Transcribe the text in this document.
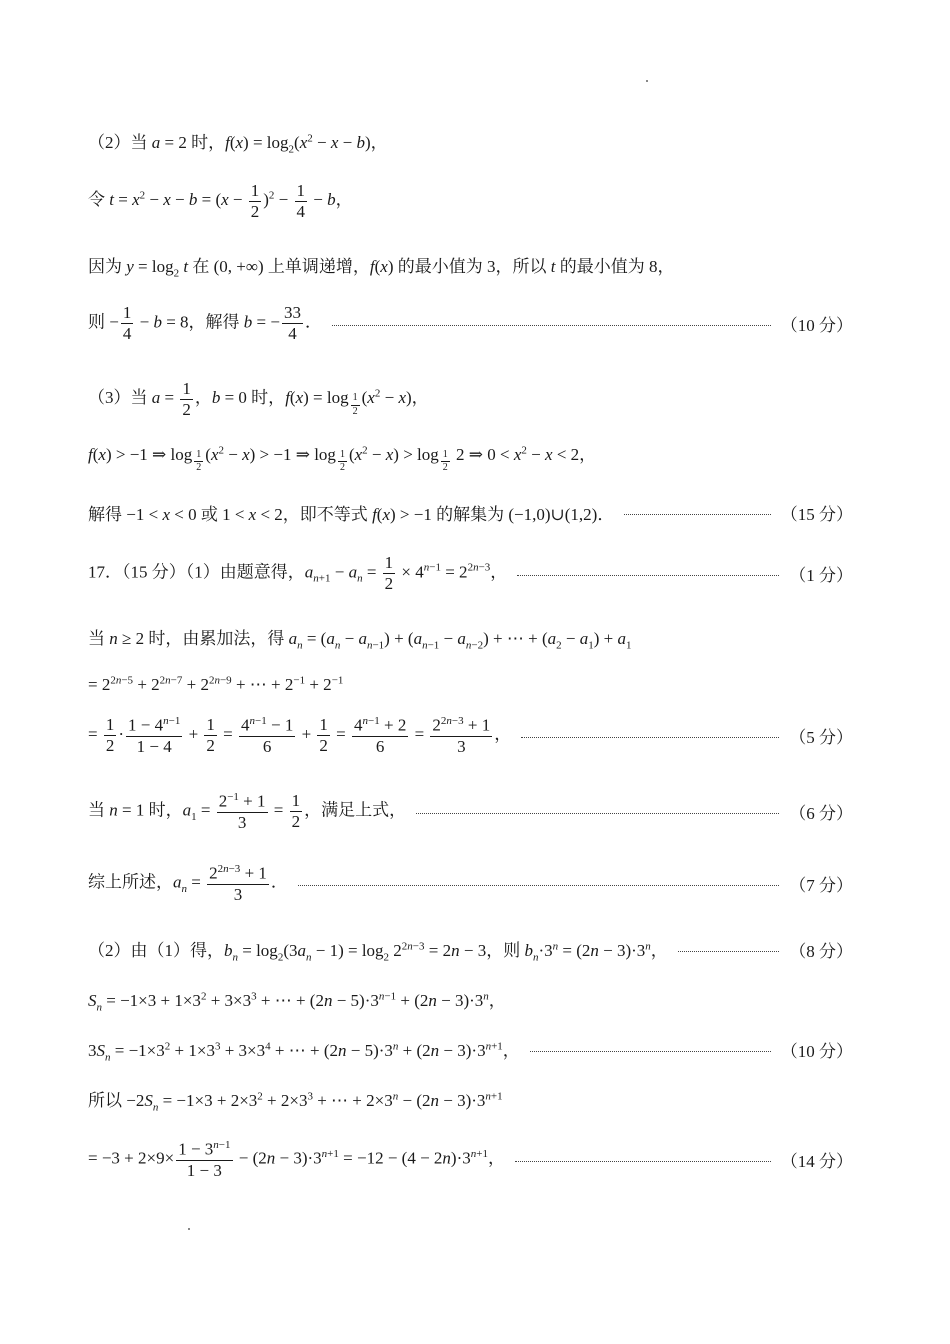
（2）当 a = 2 时，$f(x) = \log_2(x^2 - x - b)$，
令 $t = x^2 - x - b = (x - \frac{1}{2} )^2 - \frac{1}{4} - b$，
因为 $y = \log_2 t$ 在 (0, +∞) 上单调递增，f(x) 的最小值为 3，所以 t 的最小值为 8，
则 − $\frac{1}{4} - b = 8$，解得 b = − $\frac{33}{4}$ ．	（10 分）
（3）当 $a = \frac{1}{2}$ ，b = 0 时，f(x) = log $_{\frac{1}{2}}$ $(x^2 - x)$，
f(x) > −1 ⇒ log $_{\frac{1}{2}}$ $(x^2 - x) > -1$ ⇒ log $_{\frac{1}{2}}$ $(x^2 - x) > \log _{\frac{1}{2}}$ 2 ⇒ $0 < x^2 - x < 2$，
解得 −1 < x < 0 或 1 < x < 2，即不等式 f(x) > −1 的解集为 (−1,0)∪(1,2)．	（15 分）
17．（15 分）（1）由题意得，$a_{n+1} - a_n = \frac{1}{2} \times 4^{n-1} = 2^{2n-3}$，	（1 分）
当 n ≥ 2 时，由累加法，得 $a_n = (a_n - a_{n-1}) + (a_{n-1} - a_{n-2})$ + ⋯ + $(a_2 - a_1) + a_1$
= $2^{2n-5} + 2^{2n-7} + 2^{2n-9}$ + ⋯ + $2^{-1} + 2^{-1}$
= $\frac{1}{2} \cdot \frac{1 - 4^{n-1}}{1 - 4} + \frac{1}{2} = \frac{4^{n-1} - 1}{6} + \frac{1}{2} = \frac{4^{n-1} + 2}{6} = \frac{2^{2n-3} + 1}{3}$ ，	（5 分）
当 n = 1 时，$a_1 = \frac{2^{-1} + 1}{3} = \frac{1}{2}$ ，满足上式，	（6 分）
综上所述，$a_n = \frac{2^{2n-3} + 1}{3}$ ．	（7 分）
（2）由（1）得，$b_n = \log_2(3a_n - 1) = \log_2 2^{2n-3} = 2n - 3$，则 $b_n\cdot 3^n = (2n - 3)\cdot 3^n$，	（8 分）
$S_n = -1\times 3 + 1\times 3^2 + 3\times 3^3$ + ⋯ + $(2n - 5)\cdot 3^{n-1} + (2n - 3)\cdot 3^n$，
$3S_n = -1\times 3^2 + 1\times 3^3 + 3\times 3^4$ + ⋯ + $(2n - 5)\cdot 3^n + (2n - 3)\cdot 3^{n+1}$，	（10 分）
所以 $-2S_n = -1\times 3 + 2\times 3^2 + 2\times 3^3$ + ⋯ + $2\times 3^n - (2n - 3)\cdot 3^{n+1}$
= $-3 + 2\times 9\times \frac{1 - 3^{n-1}}{1 - 3} - (2n - 3)\cdot 3^{n+1} = -12 - (4 - 2n)\cdot 3^{n+1}$，	（14 分）
